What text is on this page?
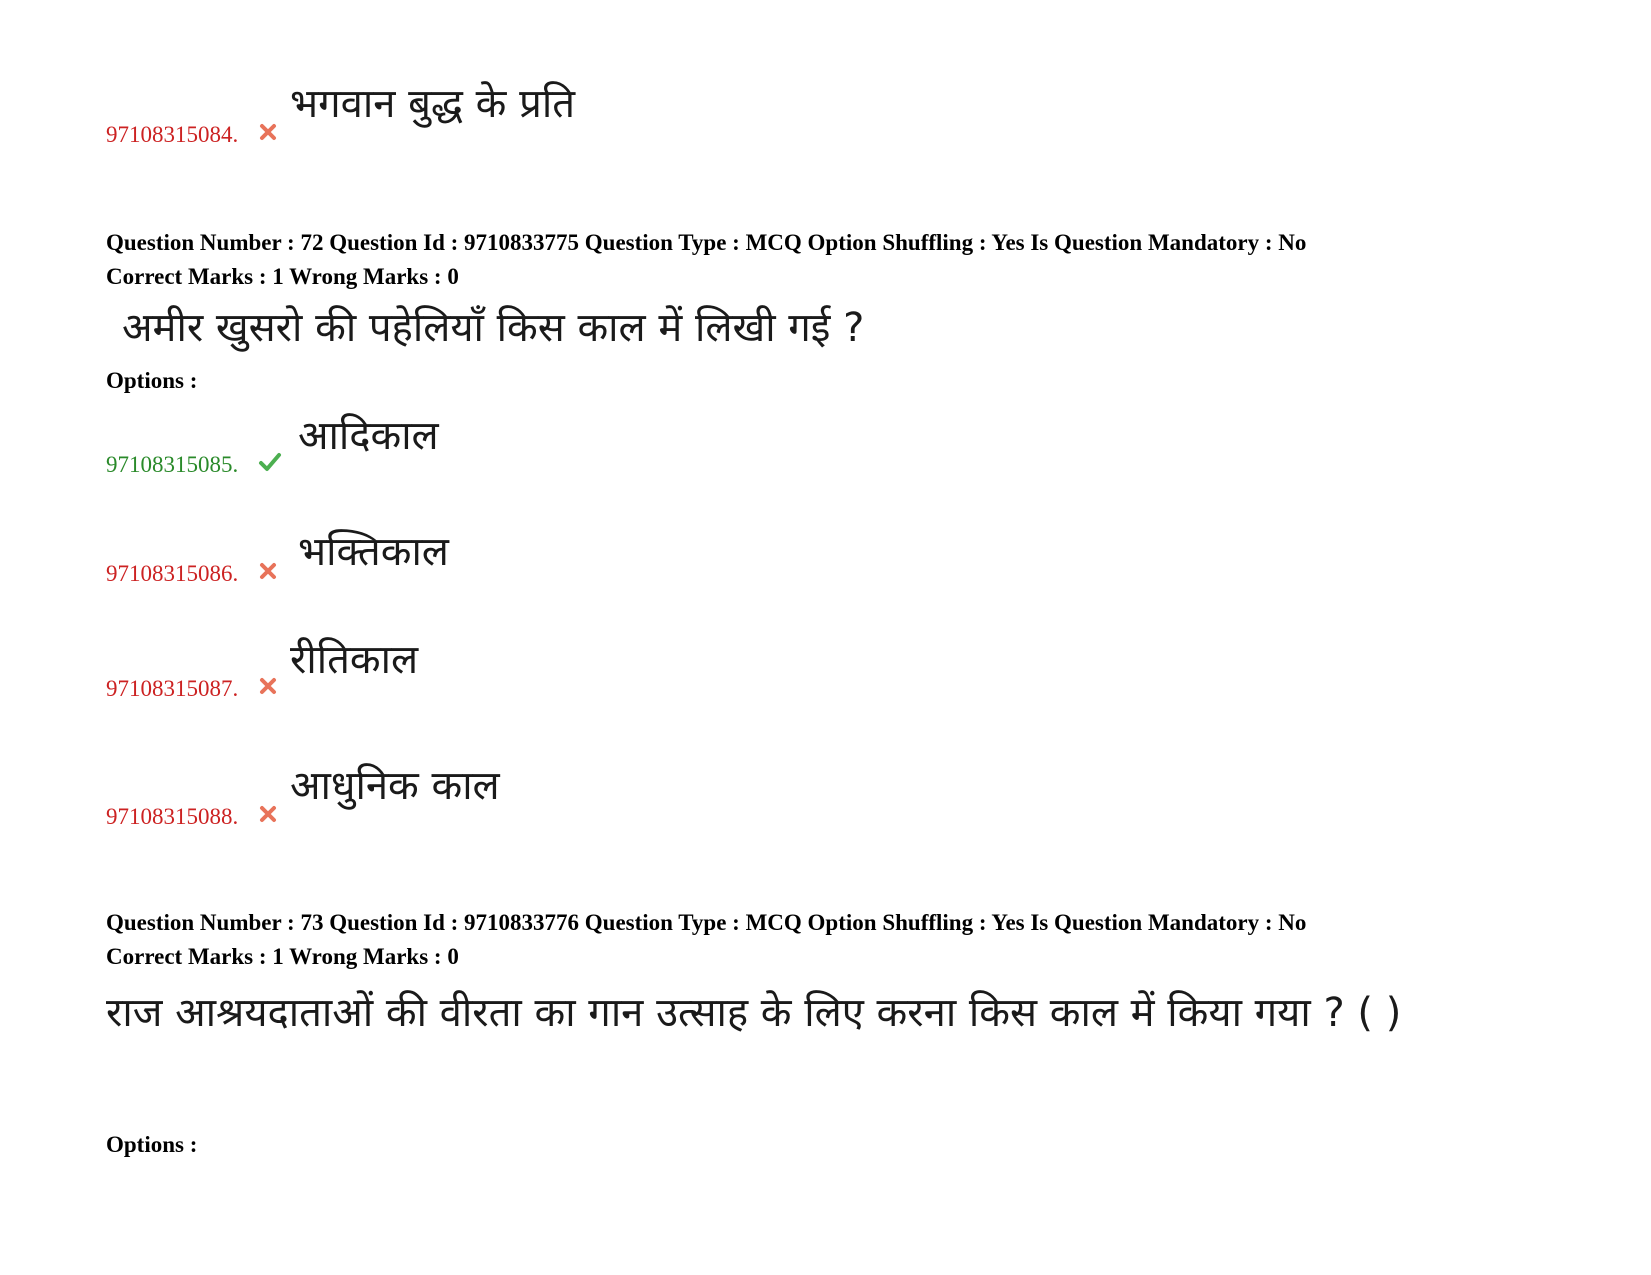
भगवान बुद्ध के प्रति
97108315084.
Question Number : 72 Question Id : 9710833775 Question Type : MCQ Option Shuffling : Yes Is Question Mandatory : No
Correct Marks : 1 Wrong Marks : 0
अमीर खुसरो की पहेलियाँ किस काल में लिखी गई ?
Options :
आदिकाल
97108315085.
भक्तिकाल
97108315086.
रीतिकाल
97108315087.
आधुनिक काल
97108315088.
Question Number : 73 Question Id : 9710833776 Question Type : MCQ Option Shuffling : Yes Is Question Mandatory : No
Correct Marks : 1 Wrong Marks : 0
राज आश्रयदाताओं की वीरता का गान उत्साह के लिए करना किस काल में किया गया ? ( )
Options :
